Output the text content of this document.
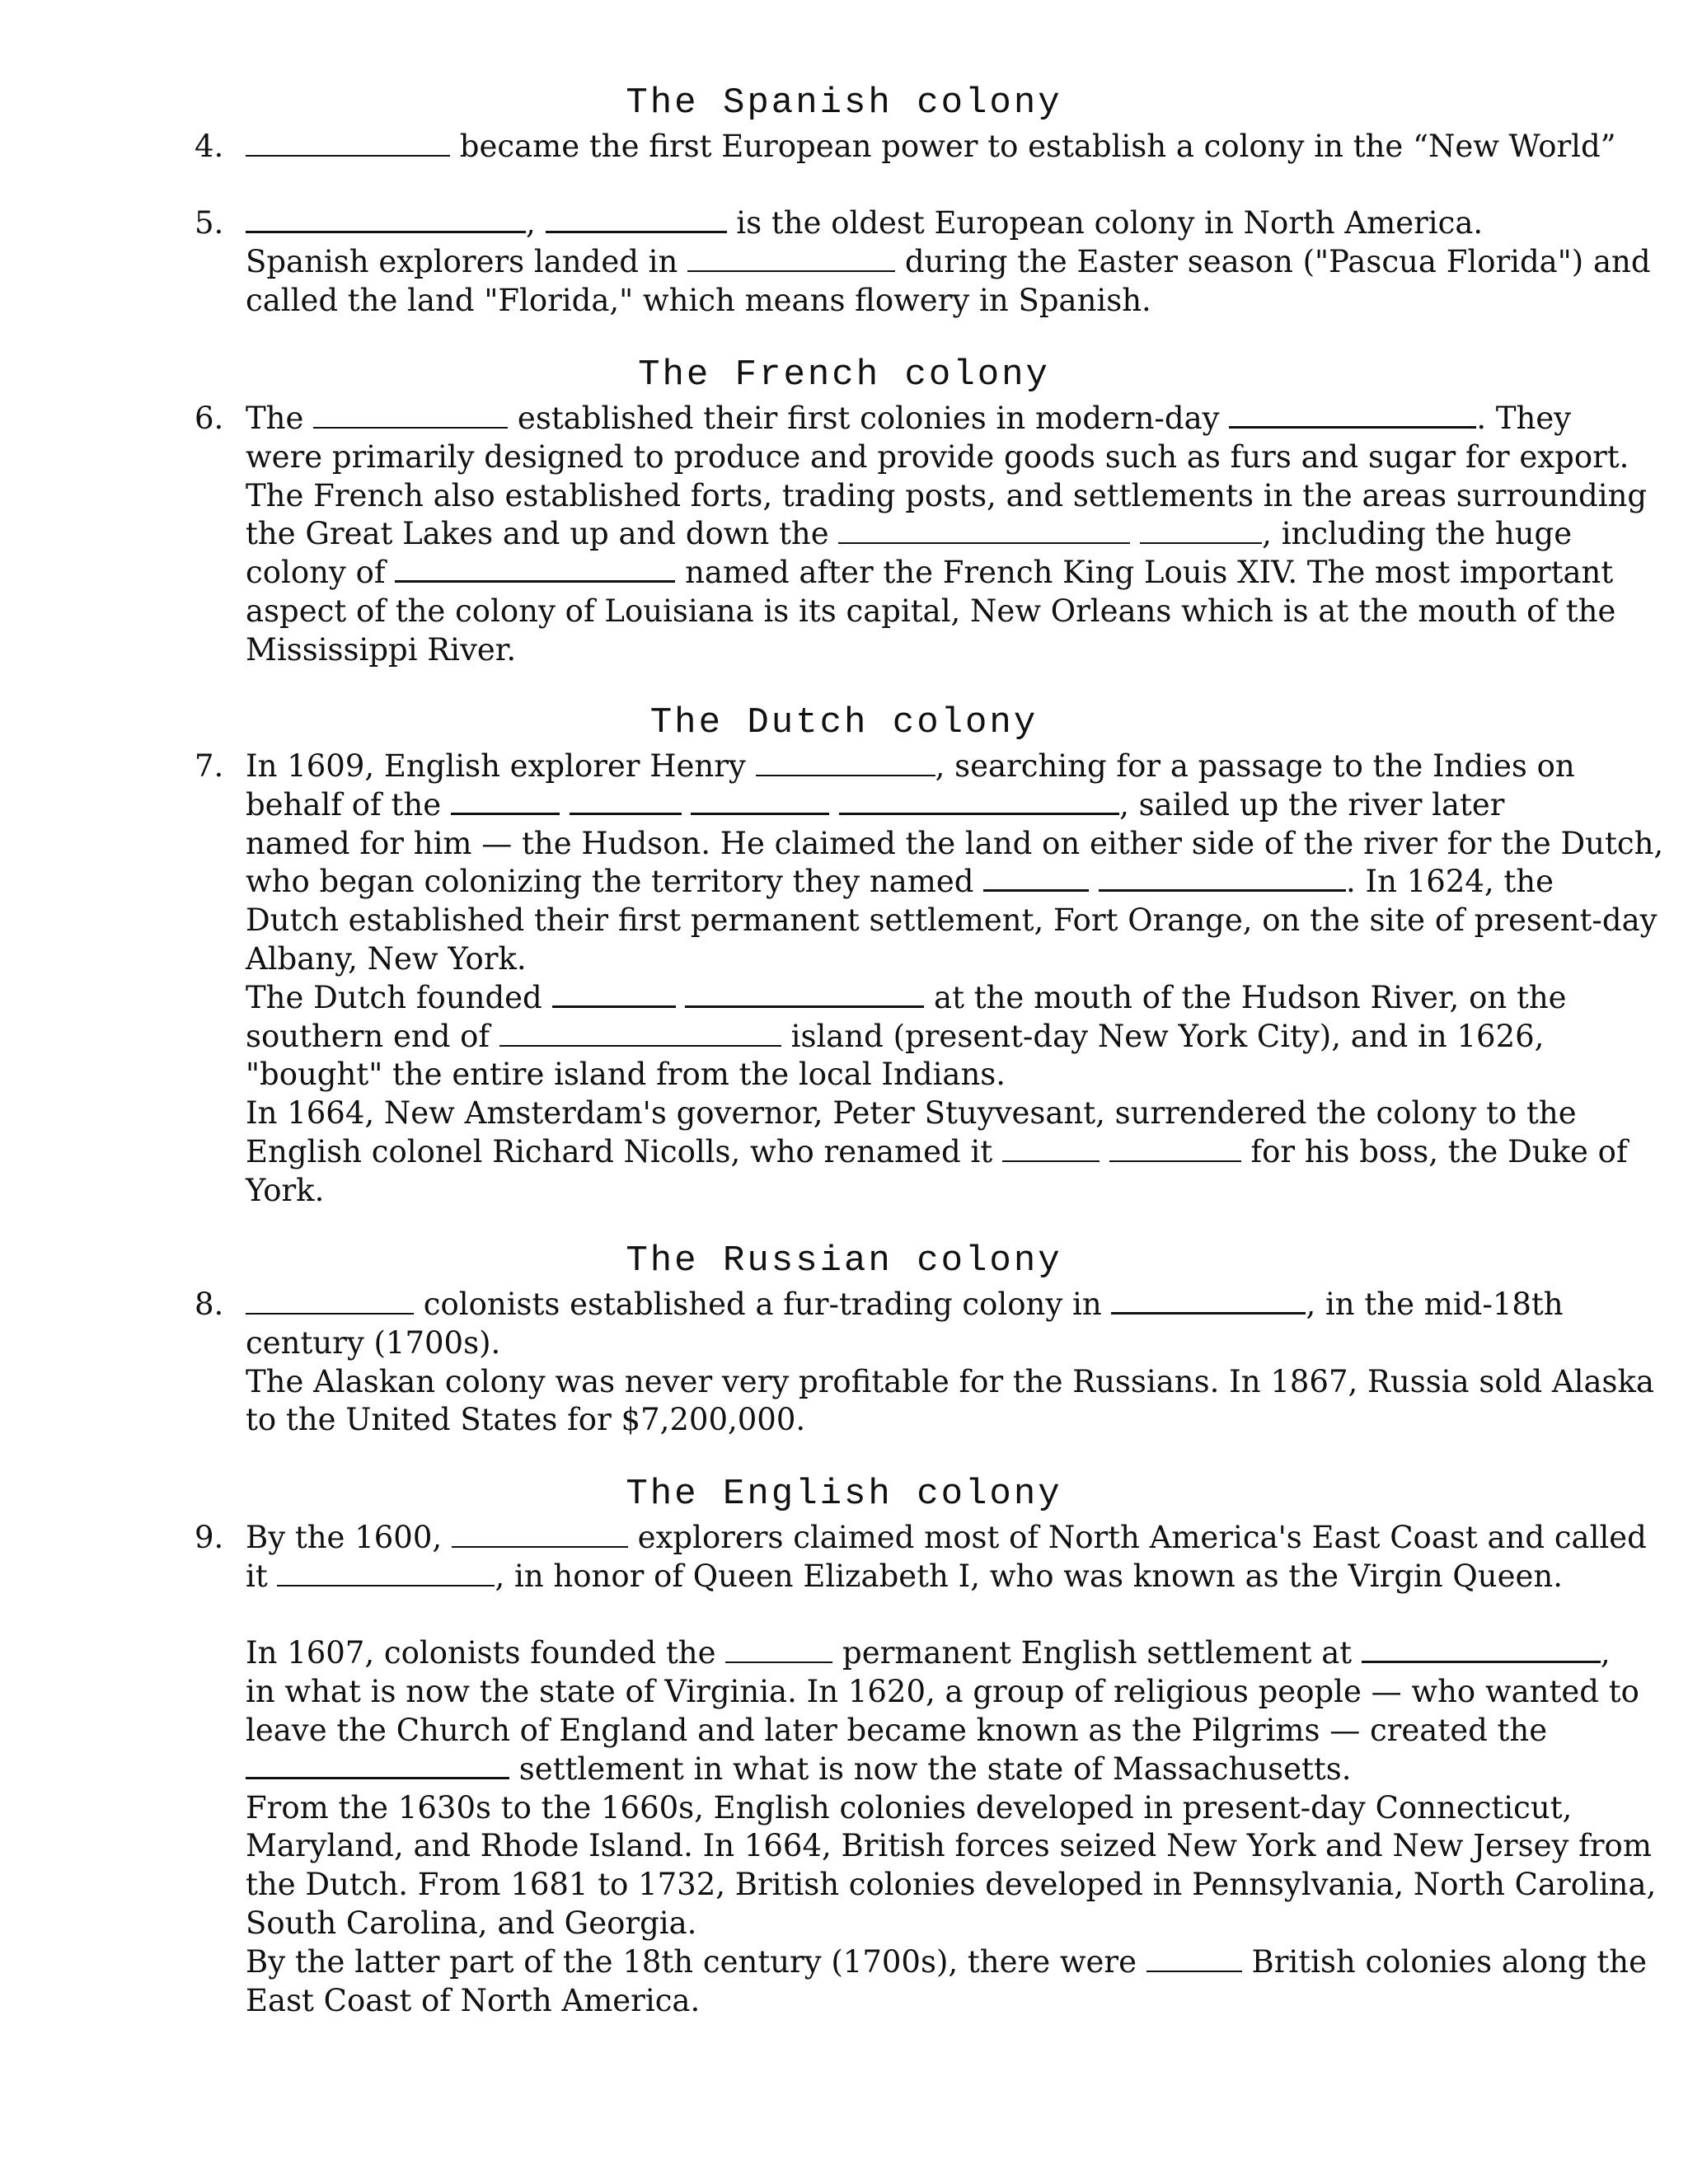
The Spanish colony
4.	became the first European power to establish a colony in the “New World”
5.	,	is the oldest European colony in North America.
Spanish explorers landed in	during the Easter season ("Pascua Florida") and
called the land "Florida," which means flowery in Spanish.
The French colony
6. The	established their first colonies in modern-day	. They
were primarily designed to produce and provide goods such as furs and sugar for export.
The French also established forts, trading posts, and settlements in the areas surrounding
the Great Lakes and up and down the	, including the huge
colony of	named after the French King Louis XIV. The most important
aspect of the colony of Louisiana is its capital, New Orleans which is at the mouth of the
Mississippi River.
The Dutch colony
7. In 1609, English explorer Henry	, searching for a passage to the Indies on
behalf of the	, sailed up the river later
named for him — the Hudson. He claimed the land on either side of the river for the Dutch,
who began colonizing the territory they named	. In 1624, the
Dutch established their first permanent settlement, Fort Orange, on the site of present-day
Albany, New York.
The Dutch founded	at the mouth of the Hudson River, on the
southern end of	island (present-day New York City), and in 1626,
"bought" the entire island from the local Indians.
In 1664, New Amsterdam's governor, Peter Stuyvesant, surrendered the colony to the
English colonel Richard Nicolls, who renamed it	for his boss, the Duke of
York.
The Russian colony
8.	colonists established a fur-trading colony in	, in the mid-18th
century (1700s).
The Alaskan colony was never very profitable for the Russians. In 1867, Russia sold Alaska
to the United States for $7,200,000.
The English colony
9. By the 1600,	explorers claimed most of North America's East Coast and called
it	, in honor of Queen Elizabeth I, who was known as the Virgin Queen.
In 1607, colonists founded the	permanent English settlement at	,
in what is now the state of Virginia. In 1620, a group of religious people — who wanted to
leave the Church of England and later became known as the Pilgrims — created the
settlement in what is now the state of Massachusetts.
From the 1630s to the 1660s, English colonies developed in present-day Connecticut,
Maryland, and Rhode Island. In 1664, British forces seized New York and New Jersey from
the Dutch. From 1681 to 1732, British colonies developed in Pennsylvania, North Carolina,
South Carolina, and Georgia.
By the latter part of the 18th century (1700s), there were	British colonies along the
East Coast of North America.
